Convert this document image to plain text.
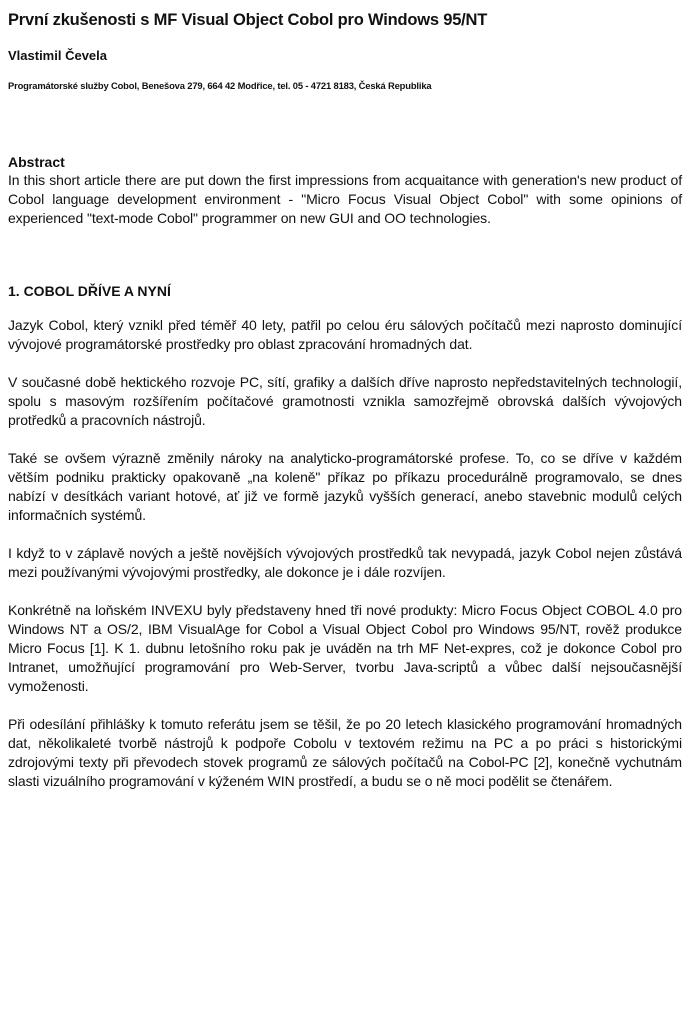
První zkušenosti s MF Visual Object Cobol pro Windows 95/NT
Vlastimil Čevela
Programátorské služby Cobol, Benešova 279, 664 42 Modřice, tel. 05 - 4721 8183, Česká Republika
Abstract

In this short article there are put down the first impressions from acquaitance with generation's new product of Cobol language development environment - "Micro Focus Visual Object Cobol" with some opinions of experienced "text-mode Cobol" programmer on new GUI and OO technologies.

1. COBOL DŘÍVE A NYNÍ

Jazyk Cobol, který vznikl před téměř 40 lety, patřil po celou éru sálových počítačů mezi naprosto dominující vývojové programátorské prostředky pro oblast zpracování hromadných dat.

V současné době hektického rozvoje PC, sítí, grafiky a dalších dříve naprosto nepředstavitelných technologií, spolu s masovým rozšířením počítačové gramotnosti vznikla samozřejmě obrovská dalších vývojových protředků a pracovních nástrojů.

Také se ovšem výrazně změnily nároky na analyticko-programátorské profese. To, co se dříve v každém větším podniku prakticky opakovaně „na koleně" příkaz po příkazu procedurálně programovalo, se dnes nabízí v desítkách variant hotové, ať již ve formě jazyků vyšších generací, anebo stavebnic modulů celých informačních systémů.

I když to v záplavě nových a ještě novějších vývojových prostředků tak nevypadá, jazyk Cobol nejen zůstává mezi používanými vývojovými prostředky, ale dokonce je i dále rozvíjen.

Konkrétně na loňském INVEXU byly představeny hned tři nové produkty: Micro Focus Object COBOL 4.0 pro Windows NT a OS/2, IBM VisualAge for Cobol a Visual Object Cobol pro Windows 95/NT, rověž produkce Micro Focus [1]. K 1. dubnu letošního roku pak je uváděn na trh MF Net-expres, což je dokonce Cobol pro Intranet, umožňující programování pro Web-Server, tvorbu Java-scriptů a vůbec další nejsoučasnější vymoženosti.

Při odesílání přihlášky k tomuto referátu jsem se těšil, že po 20 letech klasického programování hromadných dat, několikaleté tvorbě nástrojů k podpoře Cobolu v textovém režimu na PC a po práci s historickými zdrojovými texty při převodech stovek programů ze sálových počítačů na Cobol-PC [2], konečně vychutnám slasti vizuálního programování v kýženém WIN prostředí, a budu se o ně moci podělit se čtenářem.
